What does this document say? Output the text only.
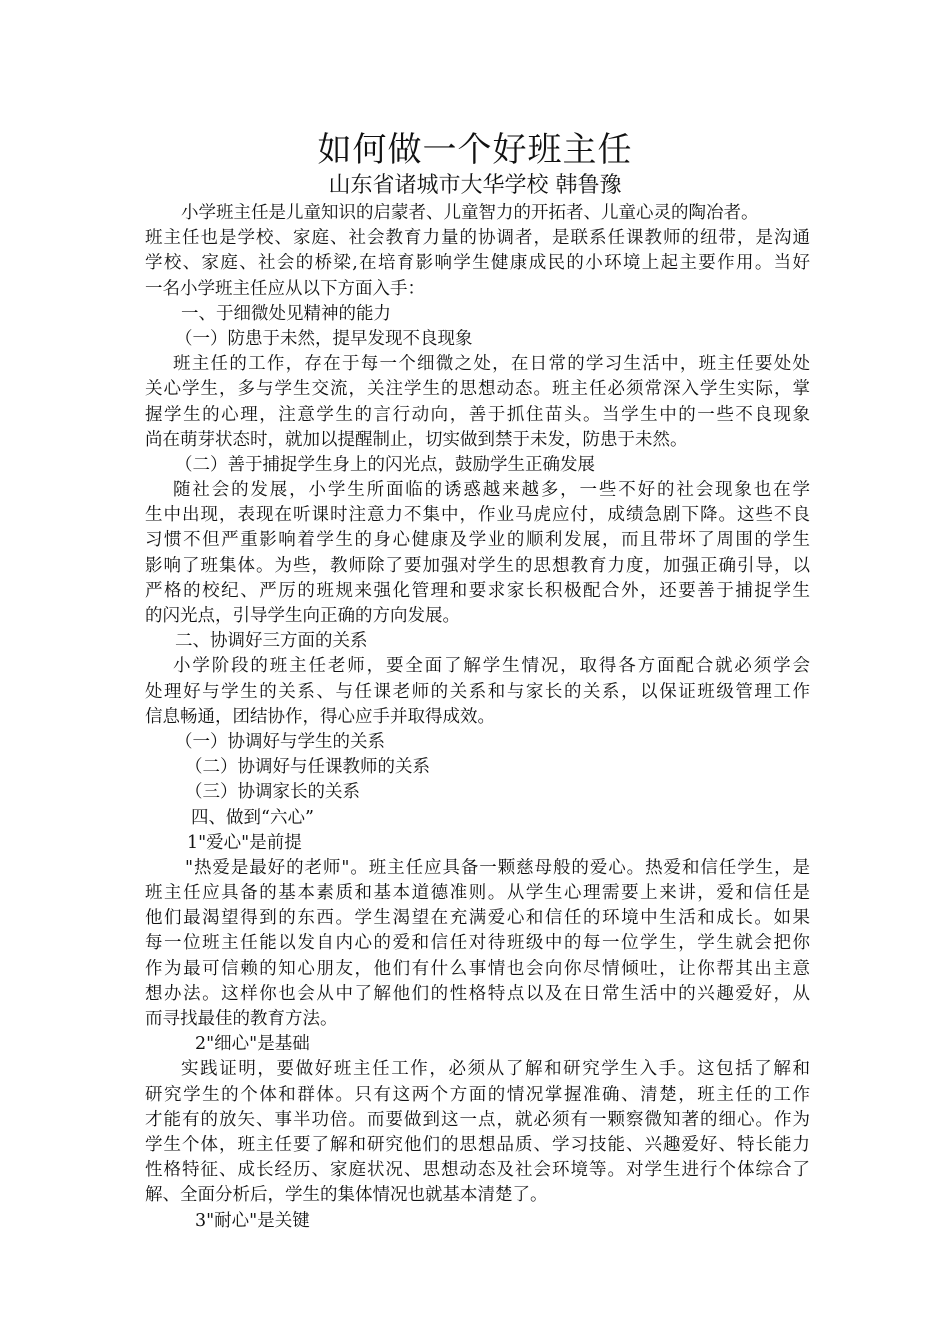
如何做一个好班主任
山东省诸城市大华学校 韩鲁豫
小学班主任是儿童知识的启蒙者、儿童智力的开拓者、儿童心灵的陶冶者。
班主任也是学校、家庭、社会教育力量的协调者，是联系任课教师的纽带，是沟通
学校、家庭、社会的桥梁,在培育影响学生健康成民的小环境上起主要作用。当好
一名小学班主任应从以下方面入手：
一、于细微处见精神的能力
（一）防患于未然，提早发现不良现象
班主任的工作，存在于每一个细微之处，在日常的学习生活中，班主任要处处
关心学生，多与学生交流，关注学生的思想动态。班主任必须常深入学生实际，掌
握学生的心理，注意学生的言行动向，善于抓住苗头。当学生中的一些不良现象
尚在萌芽状态时，就加以提醒制止，切实做到禁于未发，防患于未然。
（二）善于捕捉学生身上的闪光点，鼓励学生正确发展
随社会的发展，小学生所面临的诱惑越来越多，一些不好的社会现象也在学
生中出现，表现在听课时注意力不集中，作业马虎应付，成绩急剧下降。这些不良
习惯不但严重影响着学生的身心健康及学业的顺利发展，而且带坏了周围的学生
影响了班集体。为些，教师除了要加强对学生的思想教育力度，加强正确引导，以
严格的校纪、严厉的班规来强化管理和要求家长积极配合外，还要善于捕捉学生
的闪光点，引导学生向正确的方向发展。
二、协调好三方面的关系
小学阶段的班主任老师，要全面了解学生情况，取得各方面配合就必须学会
处理好与学生的关系、与任课老师的关系和与家长的关系，以保证班级管理工作
信息畅通，团结协作，得心应手并取得成效。
（一）协调好与学生的关系
（二）协调好与任课教师的关系
（三）协调家长的关系
四、做到“六心”
1"爱心"是前提
"热爱是最好的老师"。班主任应具备一颗慈母般的爱心。热爱和信任学生，是
班主任应具备的基本素质和基本道德准则。从学生心理需要上来讲，爱和信任是
他们最渴望得到的东西。学生渴望在充满爱心和信任的环境中生活和成长。如果
每一位班主任能以发自内心的爱和信任对待班级中的每一位学生，学生就会把你
作为最可信赖的知心朋友，他们有什么事情也会向你尽情倾吐，让你帮其出主意
想办法。这样你也会从中了解他们的性格特点以及在日常生活中的兴趣爱好，从
而寻找最佳的教育方法。
2"细心"是基础
实践证明，要做好班主任工作，必须从了解和研究学生入手。这包括了解和
研究学生的个体和群体。只有这两个方面的情况掌握准确、清楚，班主任的工作
才能有的放矢、事半功倍。而要做到这一点，就必须有一颗察微知著的细心。作为
学生个体，班主任要了解和研究他们的思想品质、学习技能、兴趣爱好、特长能力
性格特征、成长经历、家庭状况、思想动态及社会环境等。对学生进行个体综合了
解、全面分析后，学生的集体情况也就基本清楚了。
3"耐心"是关键
